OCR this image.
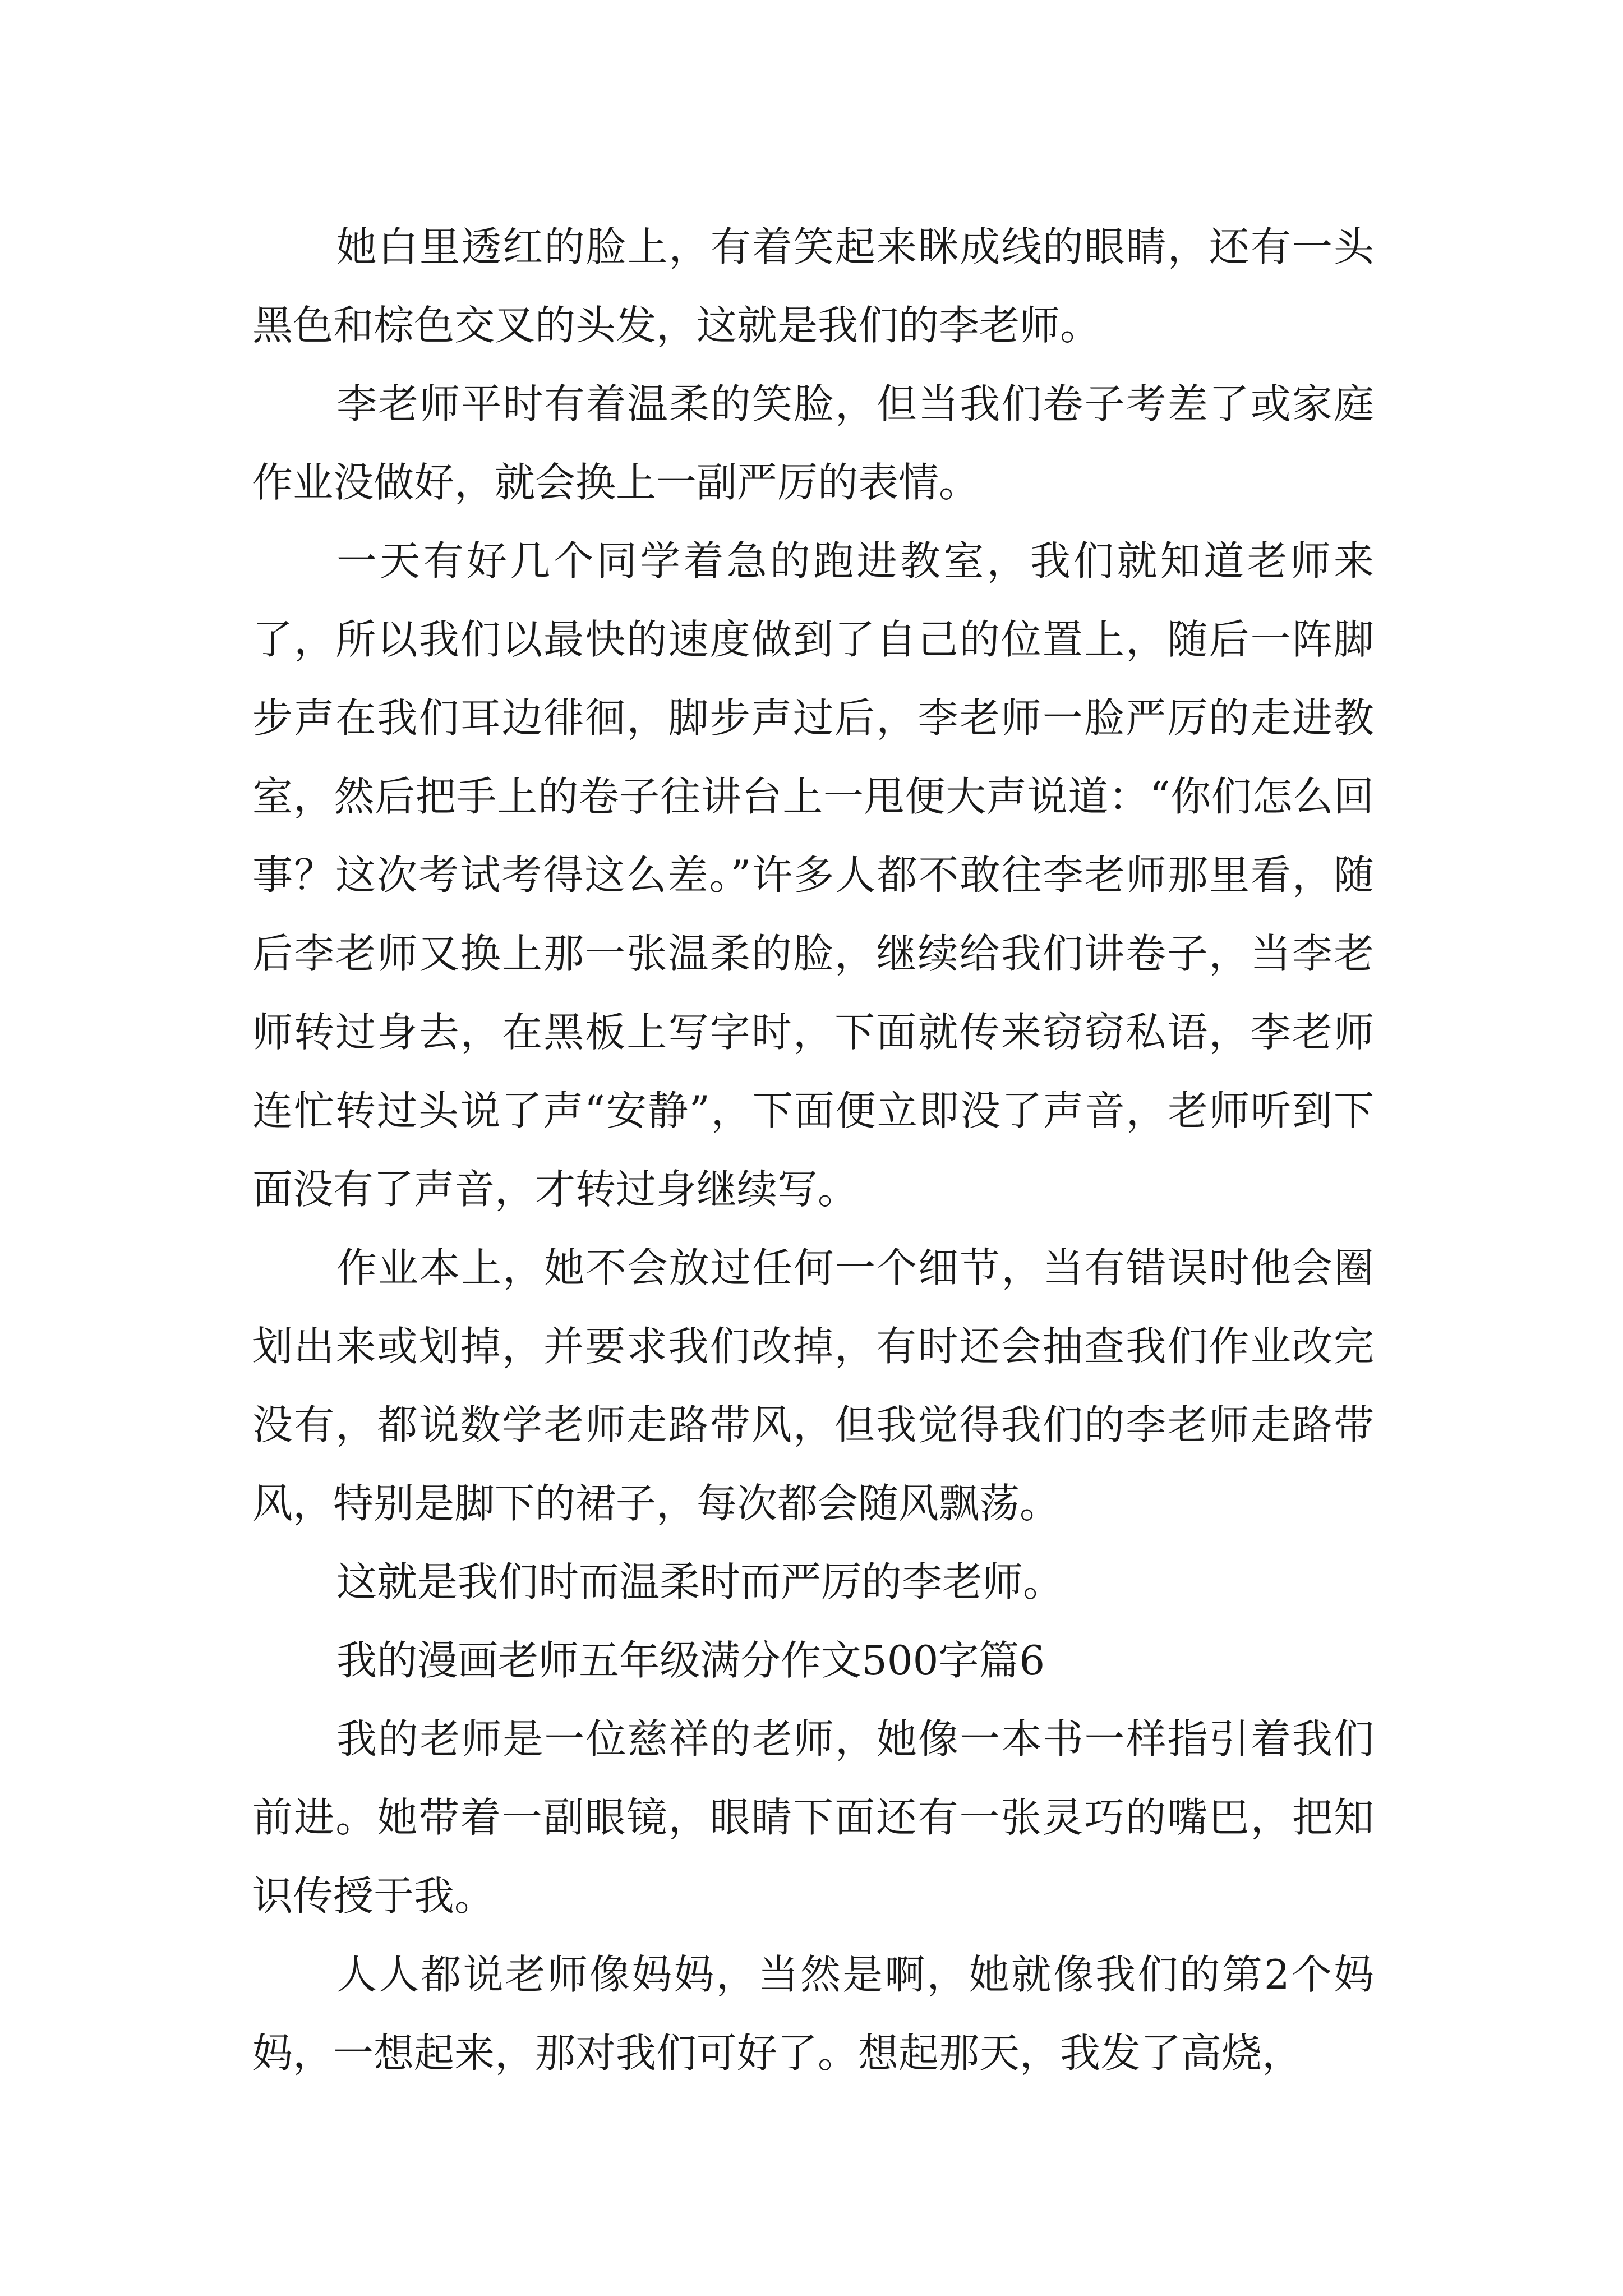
她白里透红的脸上，有着笑起来眯成线的眼睛，还有一头黑色和棕色交叉的头发，这就是我们的李老师。

李老师平时有着温柔的笑脸，但当我们卷子考差了或家庭作业没做好，就会换上一副严厉的表情。

一天有好几个同学着急的跑进教室，我们就知道老师来了，所以我们以最快的速度做到了自己的位置上，随后一阵脚步声在我们耳边徘徊，脚步声过后，李老师一脸严厉的走进教室，然后把手上的卷子往讲台上一甩便大声说道：“你们怎么回事？这次考试考得这么差。”许多人都不敢往李老师那里看，随后李老师又换上那一张温柔的脸，继续给我们讲卷子，当李老师转过身去，在黑板上写字时，下面就传来窃窃私语，李老师连忙转过头说了声“安静”，下面便立即没了声音，老师听到下面没有了声音，才转过身继续写。

作业本上，她不会放过任何一个细节，当有错误时他会圈划出来或划掉，并要求我们改掉，有时还会抽查我们作业改完没有，都说数学老师走路带风，但我觉得我们的李老师走路带风，特别是脚下的裙子，每次都会随风飘荡。

这就是我们时而温柔时而严厉的李老师。

我的漫画老师五年级满分作文500字篇6

我的老师是一位慈祥的老师，她像一本书一样指引着我们前进。她带着一副眼镜，眼睛下面还有一张灵巧的嘴巴，把知识传授于我。

人人都说老师像妈妈，当然是啊，她就像我们的第2个妈妈，一想起来，那对我们可好了。想起那天，我发了高烧，
